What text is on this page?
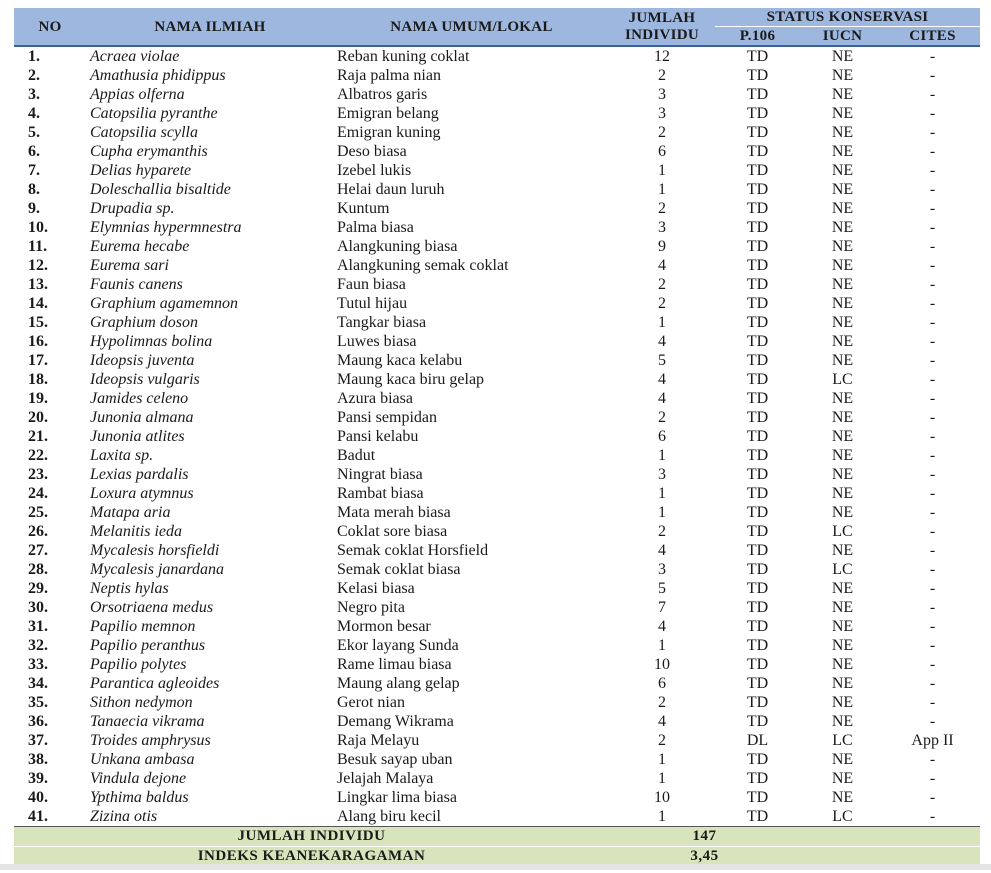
NO	NAMA ILMIAH	NAMA UMUM/LOKAL	JUMLAH
INDIVIDU	STATUS KONSERVASI		
				P.106	IUCN	CITES
1.	Acraea violae	Reban kuning coklat	12	TD	NE	-
2.	Amathusia phidippus	Raja palma nian	2	TD	NE	-
3.	Appias olferna	Albatros garis	3	TD	NE	-
4.	Catopsilia pyranthe	Emigran belang	3	TD	NE	-
5.	Catopsilia scylla	Emigran kuning	2	TD	NE	-
6.	Cupha erymanthis	Deso biasa	6	TD	NE	-
7.	Delias hyparete	Izebel lukis	1	TD	NE	-
8.	Doleschallia bisaltide	Helai daun luruh	1	TD	NE	-
9.	Drupadia sp.	Kuntum	2	TD	NE	-
10.	Elymnias hypermnestra	Palma biasa	3	TD	NE	-
11.	Eurema hecabe	Alangkuning biasa	9	TD	NE	-
12.	Eurema sari	Alangkuning semak coklat	4	TD	NE	-
13.	Faunis canens	Faun biasa	2	TD	NE	-
14.	Graphium agamemnon	Tutul hijau	2	TD	NE	-
15.	Graphium doson	Tangkar biasa	1	TD	NE	-
16.	Hypolimnas bolina	Luwes biasa	4	TD	NE	-
17.	Ideopsis juventa	Maung kaca kelabu	5	TD	NE	-
18.	Ideopsis vulgaris	Maung kaca biru gelap	4	TD	LC	-
19.	Jamides celeno	Azura biasa	4	TD	NE	-
20.	Junonia almana	Pansi sempidan	2	TD	NE	-
21.	Junonia atlites	Pansi kelabu	6	TD	NE	-
22.	Laxita sp.	Badut	1	TD	NE	-
23.	Lexias pardalis	Ningrat biasa	3	TD	NE	-
24.	Loxura atymnus	Rambat biasa	1	TD	NE	-
25.	Matapa aria	Mata merah biasa	1	TD	NE	-
26.	Melanitis ieda	Coklat sore biasa	2	TD	LC	-
27.	Mycalesis horsfieldi	Semak coklat Horsfield	4	TD	NE	-
28.	Mycalesis janardana	Semak coklat biasa	3	TD	LC	-
29.	Neptis hylas	Kelasi biasa	5	TD	NE	-
30.	Orsotriaena medus	Negro pita	7	TD	NE	-
31.	Papilio memnon	Mormon besar	4	TD	NE	-
32.	Papilio peranthus	Ekor layang Sunda	1	TD	NE	-
33.	Papilio polytes	Rame limau biasa	10	TD	NE	-
34.	Parantica agleoides	Maung alang gelap	6	TD	NE	-
35.	Sithon nedymon	Gerot nian	2	TD	NE	-
36.	Tanaecia vikrama	Demang Wikrama	4	TD	NE	-
37.	Troides amphrysus	Raja Melayu	2	DL	LC	App II
38.	Unkana ambasa	Besuk sayap uban	1	TD	NE	-
39.	Vindula dejone	Jelajah Malaya	1	TD	NE	-
40.	Ypthima baldus	Lingkar lima biasa	10	TD	NE	-
41.	Zizina otis	Alang biru kecil	1	TD	LC	-
JUMLAH INDIVIDU			147			
INDEKS KEANEKARAGAMAN			3,45			
